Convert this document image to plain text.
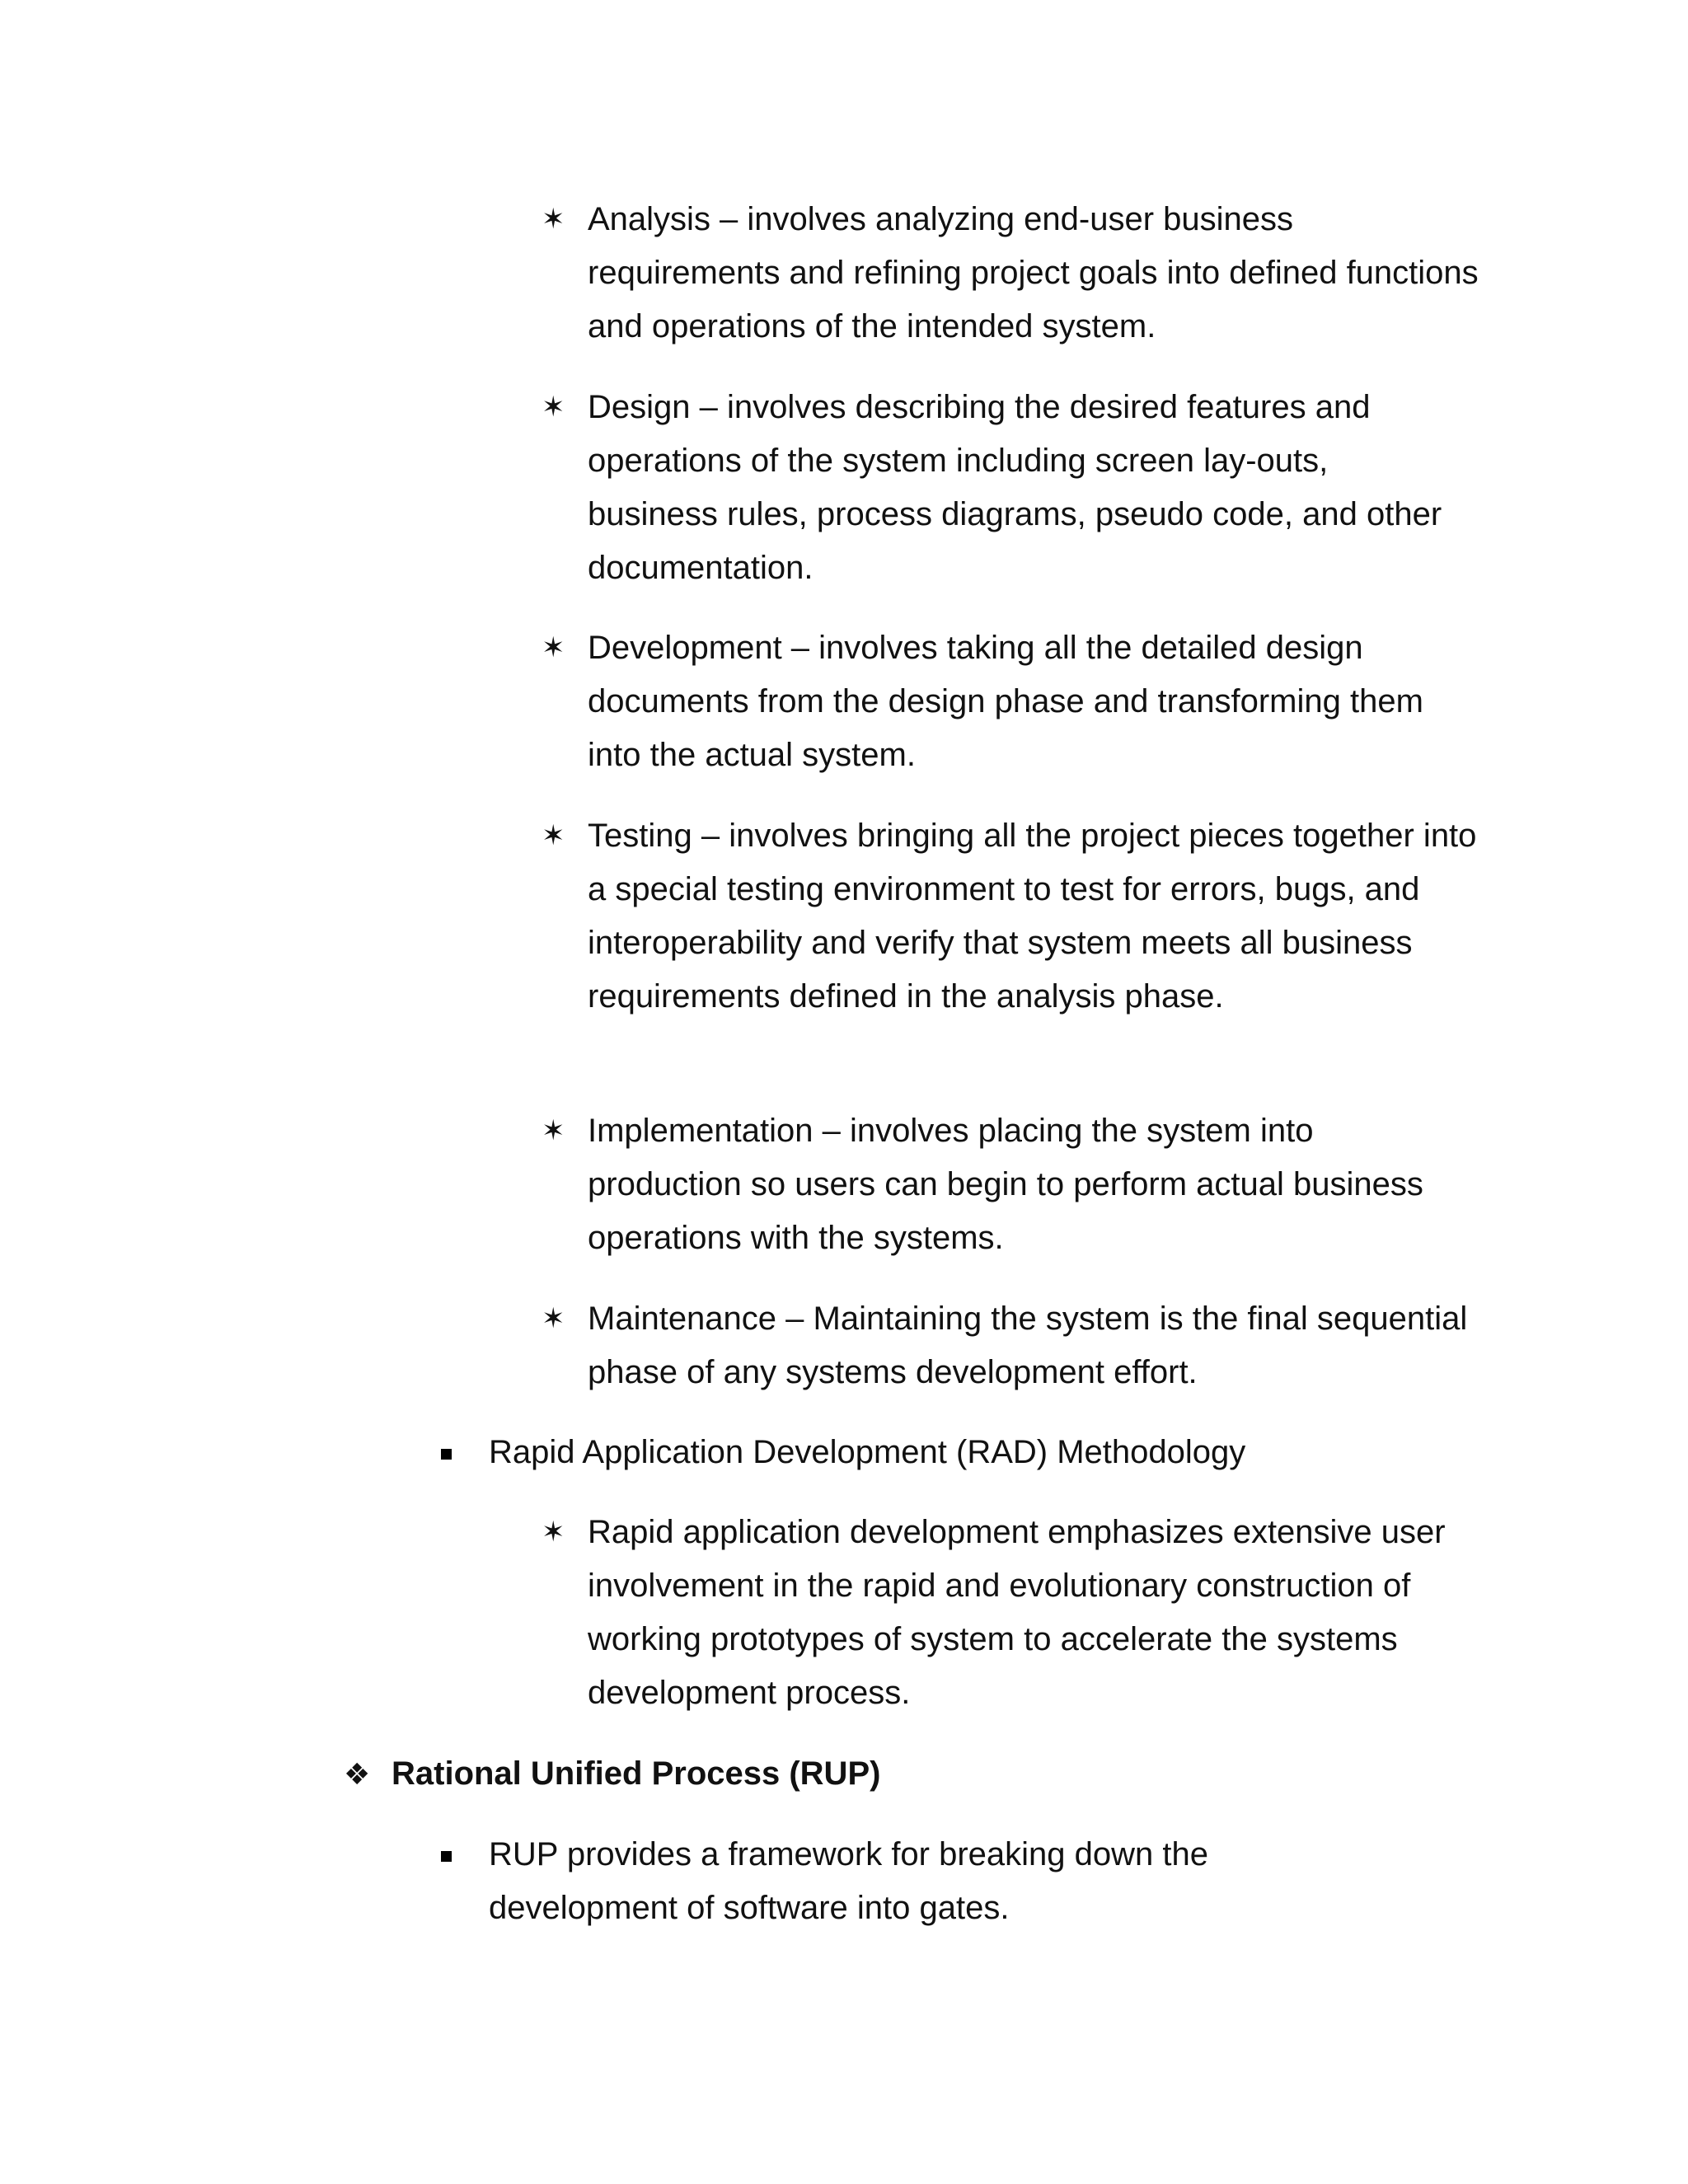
✶ Analysis – involves analyzing end-user business requirements and refining project goals into defined functions and operations of the intended system.
✶ Design – involves describing the desired features and operations of the system including screen lay-outs, business rules, process diagrams, pseudo code, and other documentation.
✶ Development – involves taking all the detailed design documents from the design phase and transforming them into the actual system.
✶ Testing – involves bringing all the project pieces together into a special testing environment to test for errors, bugs, and interoperability and verify that system meets all business requirements defined in the analysis phase.
✶ Implementation – involves placing the system into production so users can begin to perform actual business operations with the systems.
✶ Maintenance – Maintaining the system is the final sequential phase of any systems development effort.
Rapid Application Development (RAD) Methodology
✶ Rapid application development emphasizes extensive user involvement in the rapid and evolutionary construction of working prototypes of system to accelerate the systems development process.
❖ Rational Unified Process (RUP)
RUP provides a framework for breaking down the development of software into gates.
